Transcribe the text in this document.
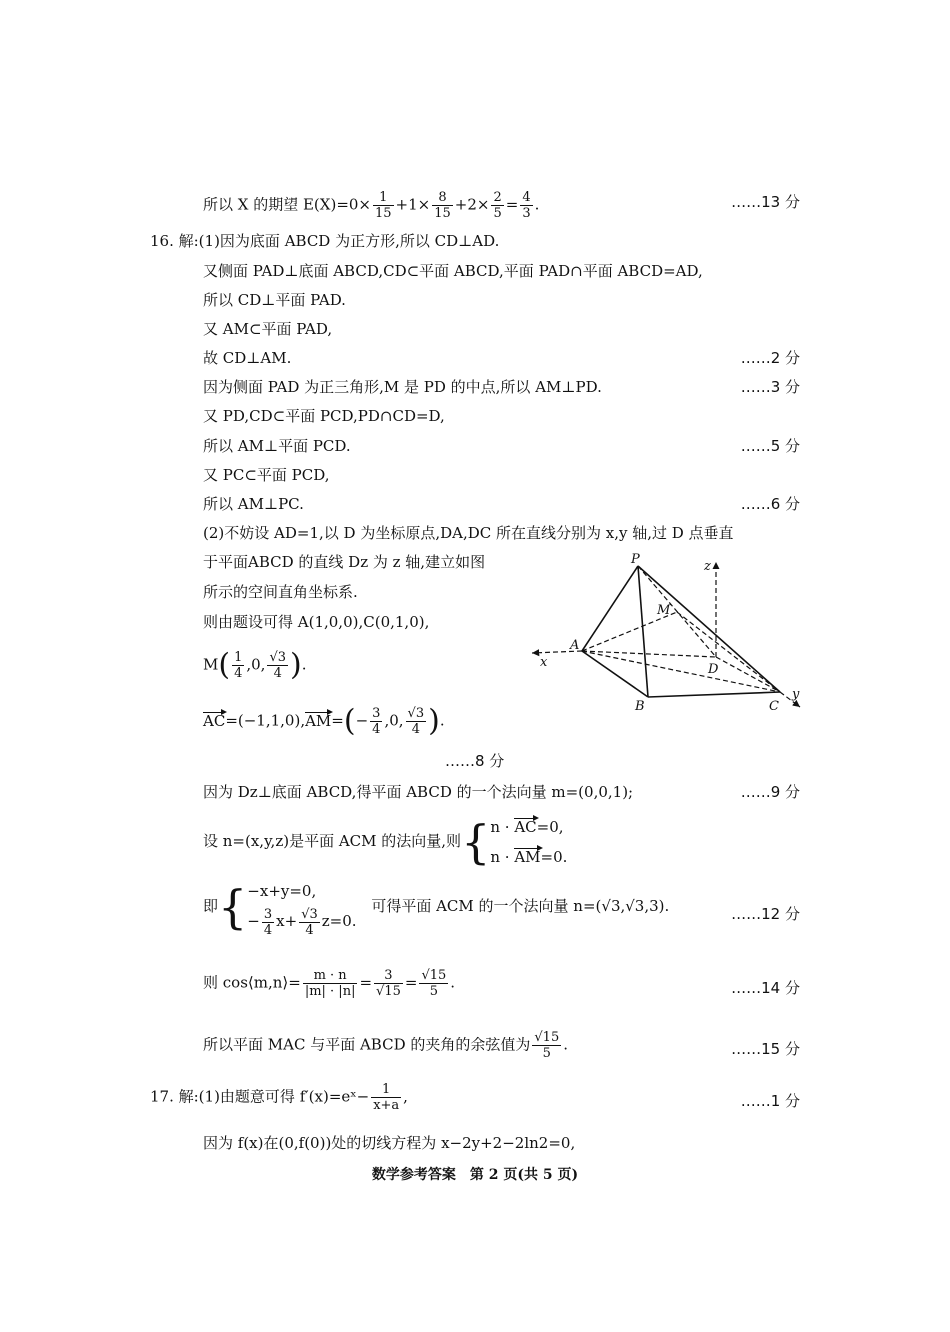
所以 X 的期望 $E(X)=0\times \frac{1}{15} +1\times \frac{8}{15} +2\times \frac{2}{5} = \frac{4}{3}$ .	……13 分
16. 解:(1)因为底面 ABCD 为正方形,所以 CD⊥AD.
又侧面 PAD⊥底面 ABCD,CD⊂平面 ABCD,平面 PAD∩平面 ABCD=AD,
所以 CD⊥平面 PAD.
又 AM⊂平面 PAD,
故 CD⊥AM.	……2 分
因为侧面 PAD 为正三角形,M 是 PD 的中点,所以 AM⊥PD.	……3 分
又 PD,CD⊂平面 PCD,PD∩CD=D,
所以 AM⊥平面 PCD.	……5 分
又 PC⊂平面 PCD,
所以 AM⊥PC.	……6 分
(2)不妨设 AD=1,以 D 为坐标原点,DA,DC 所在直线分别为 x,y 轴,过 D 点垂直
于平面ABCD 的直线 Dz 为 z 轴,建立如图
所示的空间直角坐标系.
则由题设可得 A(1,0,0),C(0,1,0),
$M( \frac{1}{4} ,0$, $\frac{√3}{4}$ ).
$AC=(-1,1,0),AM=(- \frac{3}{4} ,0$, $\frac{√3}{4}$ ).
……8 分
因为 Dz⊥底面 ABCD,得平面 ABCD 的一个法向量 m=(0,0,1);	……9 分
设 n=(x,y,z)是平面 ACM 的法向量,则{ n · AC=0,
n · AM=0.
即{ −x+y=0,
− $\frac{3}{4} x+ \frac{√3}{4} z=0$.
可得平面 ACM 的一个法向量 n=(√3,√3,3).	……12 分
则 cos⟨m,n⟩= $\frac{m \cdot n}{|m| \cdot |n|} = \frac{3}{√15} = \frac{√15}{5}$ .	……14 分
所以平面 MAC 与平面 ABCD 的夹角的余弦值为 $\frac{√15}{5}$ .	……15 分
17. 解:(1)由题意可得 f′(x)=eˣ− $\frac{1}{x+a}$ ,	……1 分
因为 f(x)在(0,f(0))处的切线方程为 x−2y+2−2ln2=0,
数学参考答案　第 2 页(共 5 页)
P
M
A
D
B	C
x
y
z
